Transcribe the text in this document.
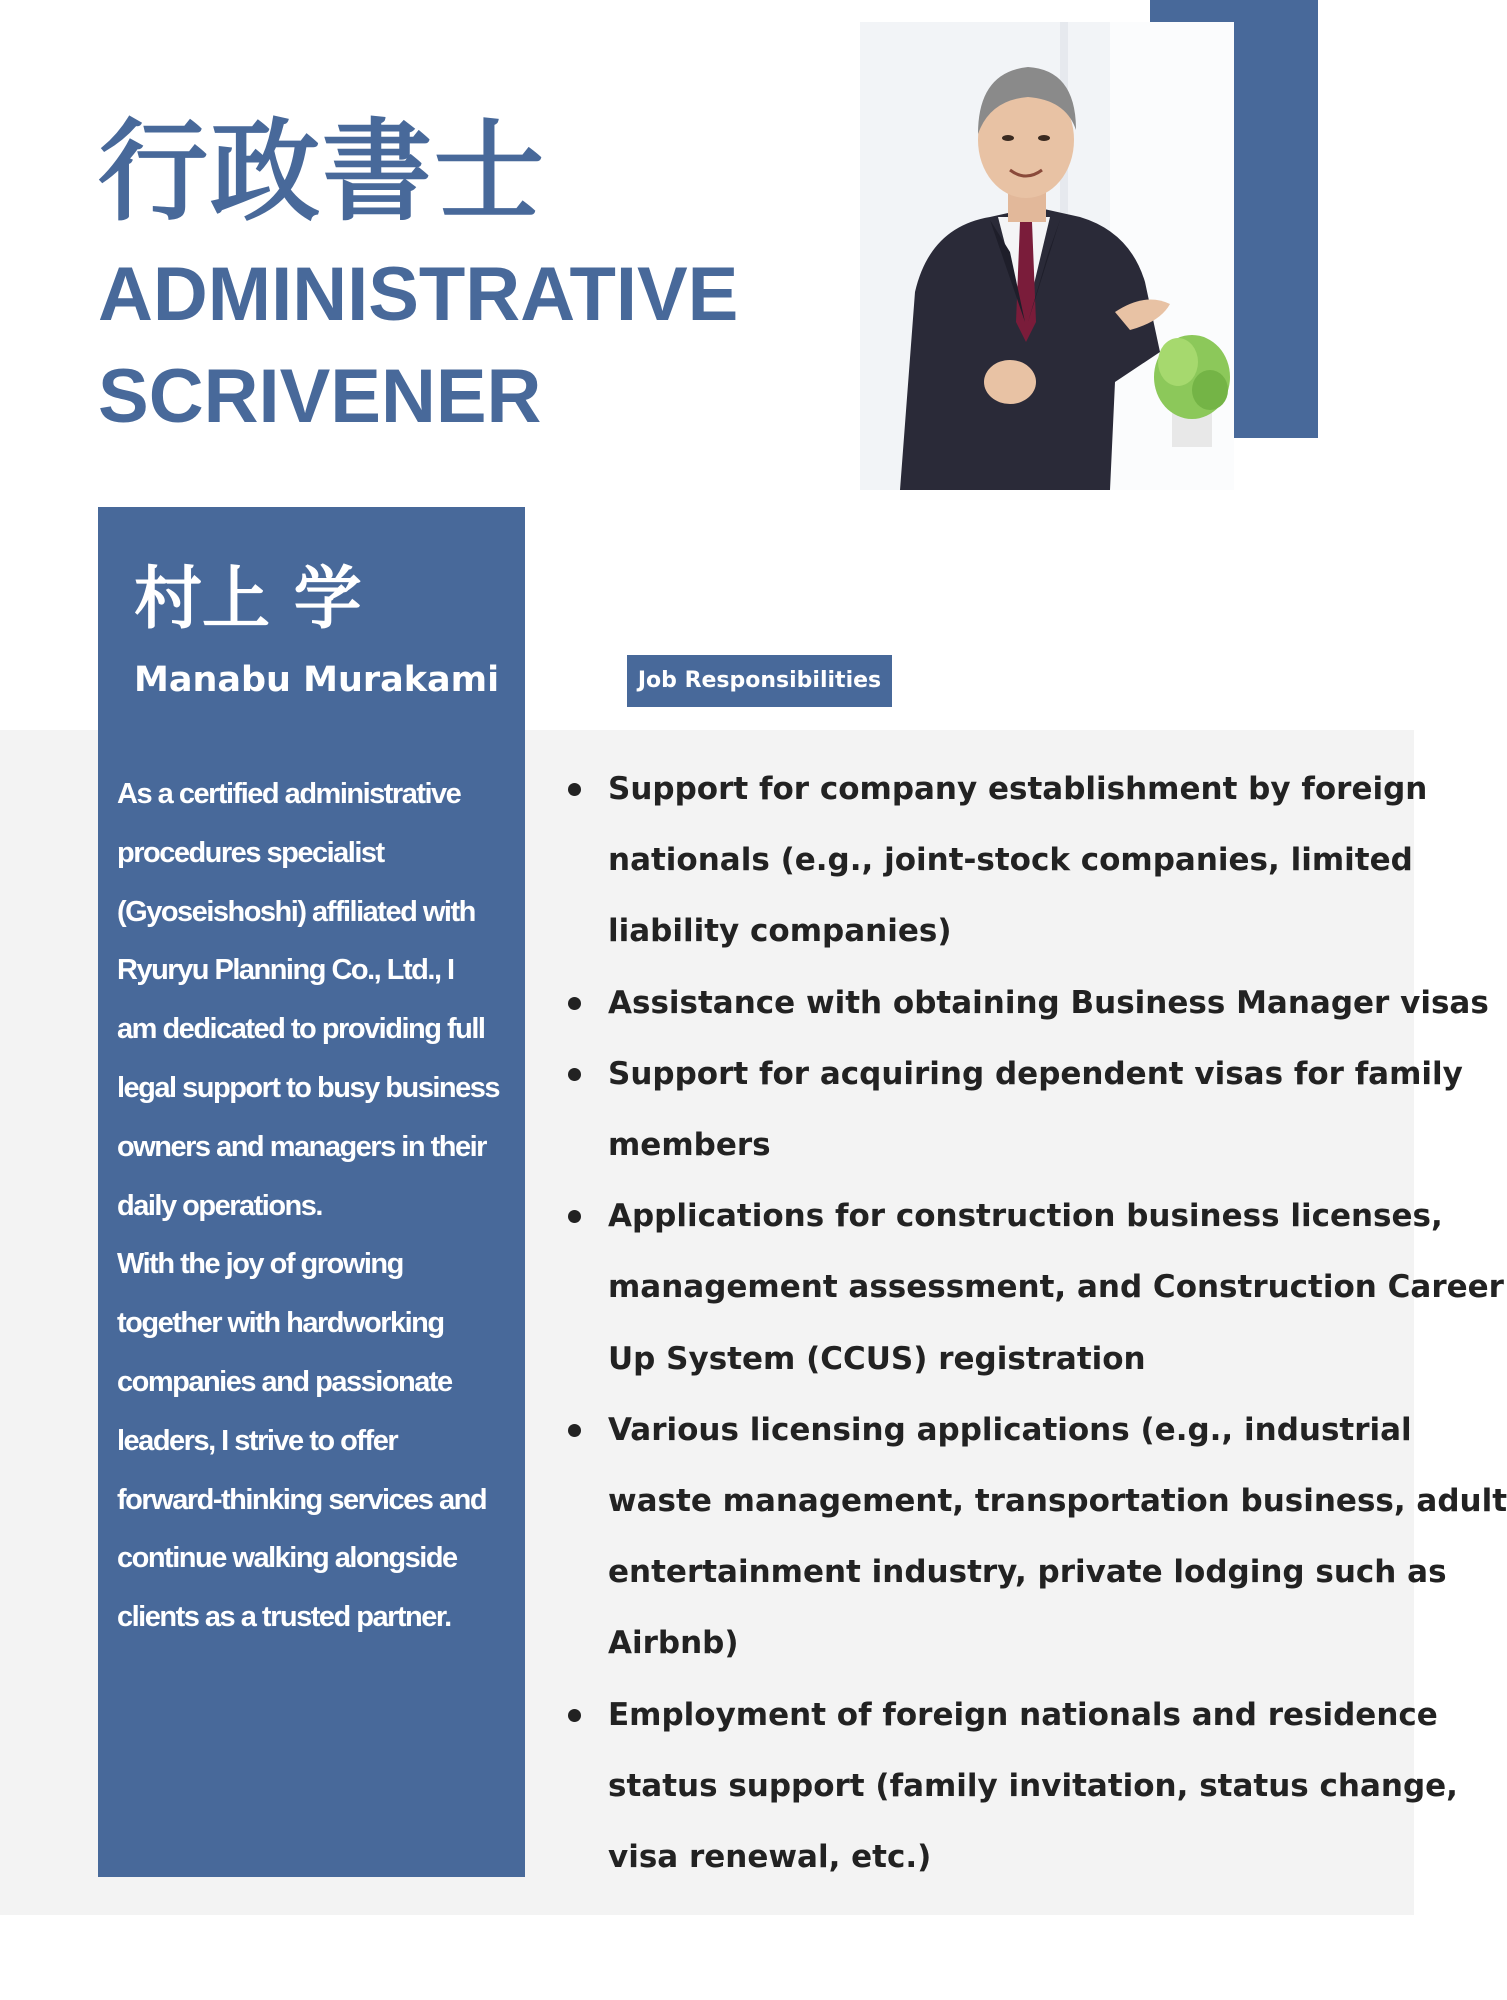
行政書士
ADMINISTRATIVE
SCRIVENER
村上 学
Manabu Murakami
As a certified administrative
procedures specialist
(Gyoseishoshi) affiliated with
Ryuryu Planning Co., Ltd., I
am dedicated to providing full
legal support to busy business
owners and managers in their
daily operations.
With the joy of growing
together with hardworking
companies and passionate
leaders, I strive to offer
forward-thinking services and
continue walking alongside
clients as a trusted partner.
Job Responsibilities
Support for company establishment by foreign
nationals (e.g., joint-stock companies, limited
liability companies)
Assistance with obtaining Business Manager visas
Support for acquiring dependent visas for family
members
Applications for construction business licenses,
management assessment, and Construction Career
Up System (CCUS) registration
Various licensing applications (e.g., industrial
waste management, transportation business, adult
entertainment industry, private lodging such as
Airbnb)
Employment of foreign nationals and residence
status support (family invitation, status change,
visa renewal, etc.)
